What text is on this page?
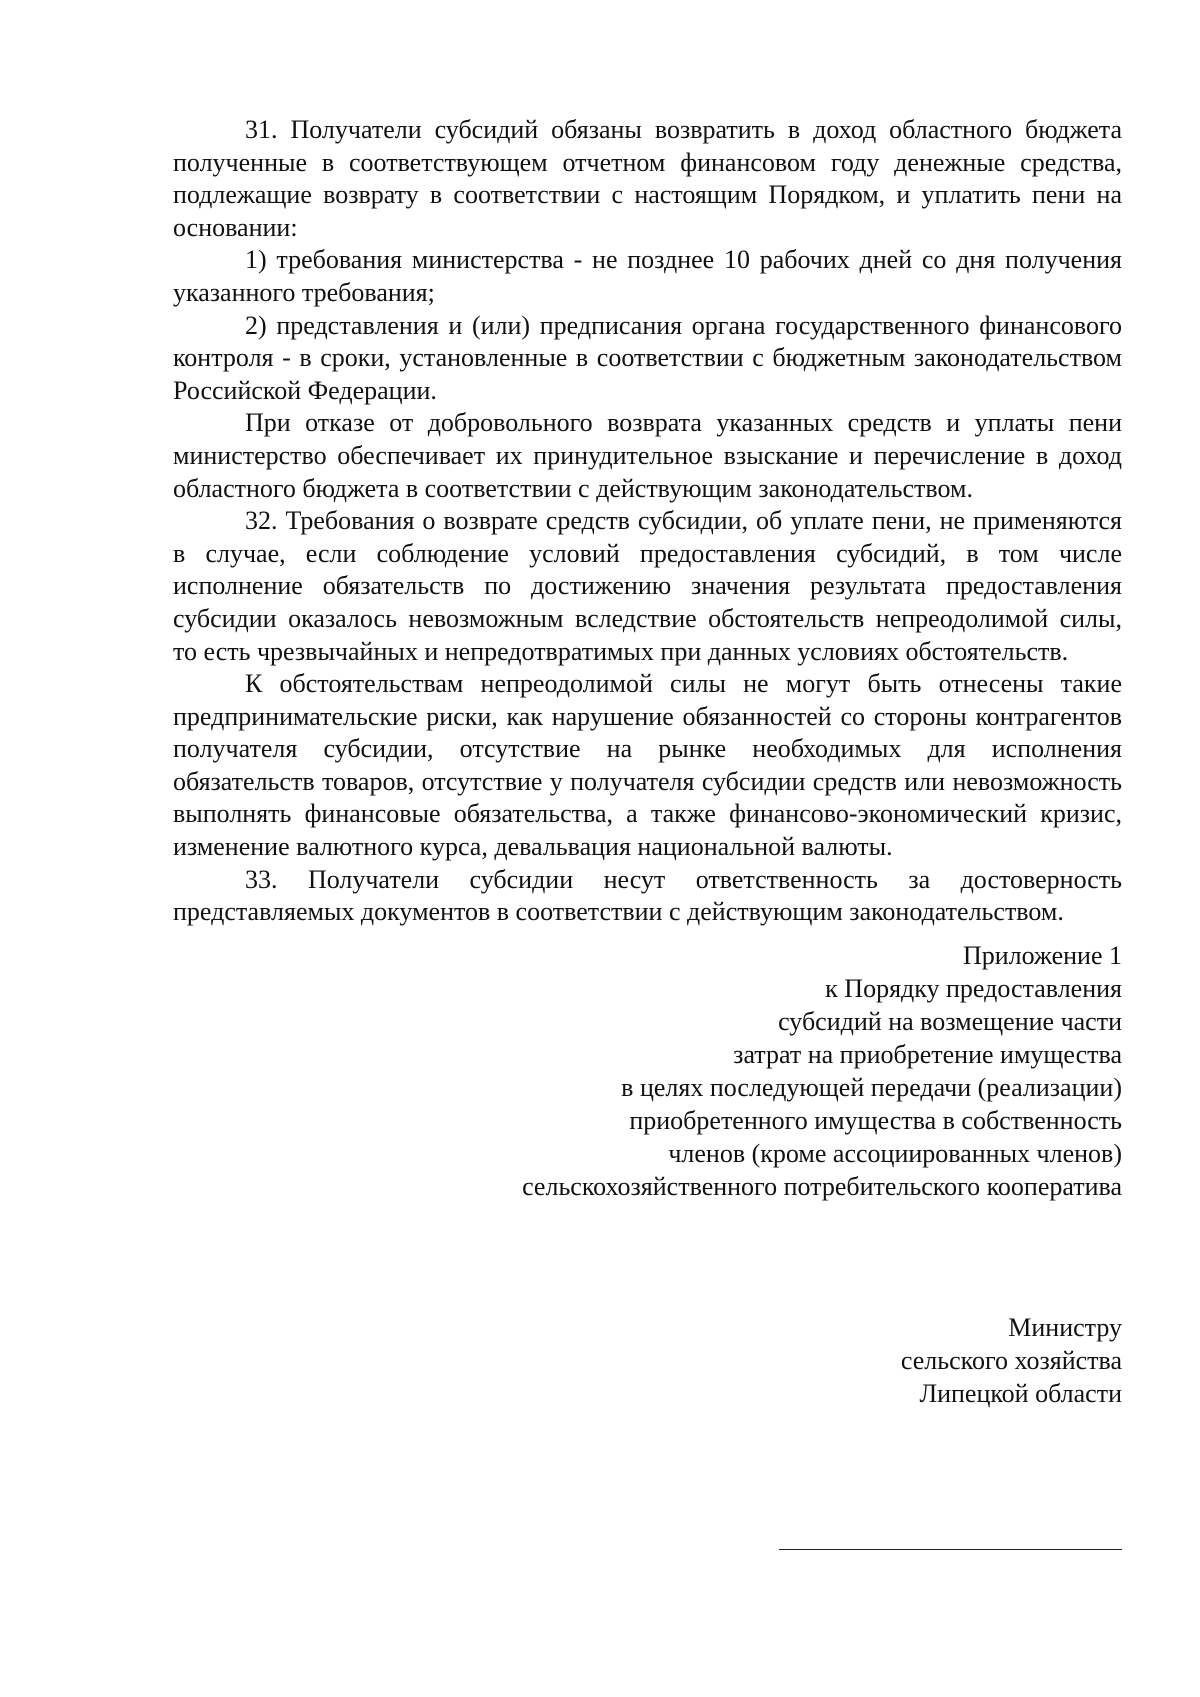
31. Получатели субсидий обязаны возвратить в доход областного бюджета полученные в соответствующем отчетном финансовом году денежные средства, подлежащие возврату в соответствии с настоящим Порядком, и уплатить пени на основании:

1) требования министерства - не позднее 10 рабочих дней со дня получения указанного требования;

2) представления и (или) предписания органа государственного финансового контроля - в сроки, установленные в соответствии с бюджетным законодательством Российской Федерации.

При отказе от добровольного возврата указанных средств и уплаты пени министерство обеспечивает их принудительное взыскание и перечисление в доход областного бюджета в соответствии с действующим законодательством.

32. Требования о возврате средств субсидии, об уплате пени, не применяются в случае, если соблюдение условий предоставления субсидий, в том числе исполнение обязательств по достижению значения результата предоставления субсидии оказалось невозможным вследствие обстоятельств непреодолимой силы, то есть чрезвычайных и непредотвратимых при данных условиях обстоятельств.

К обстоятельствам непреодолимой силы не могут быть отнесены такие предпринимательские риски, как нарушение обязанностей со стороны контрагентов получателя субсидии, отсутствие на рынке необходимых для исполнения обязательств товаров, отсутствие у получателя субсидии средств или невозможность выполнять финансовые обязательства, а также финансово-экономический кризис, изменение валютного курса, девальвация национальной валюты.

33. Получатели субсидии несут ответственность за достоверность представляемых документов в соответствии с действующим законодательством.

Приложение 1
к Порядку предоставления
субсидий на возмещение части
затрат на приобретение имущества
в целях последующей передачи (реализации)
приобретенного имущества в собственность
членов (кроме ассоциированных членов)
сельскохозяйственного потребительского кооператива
Министру
сельского хозяйства
Липецкой области
